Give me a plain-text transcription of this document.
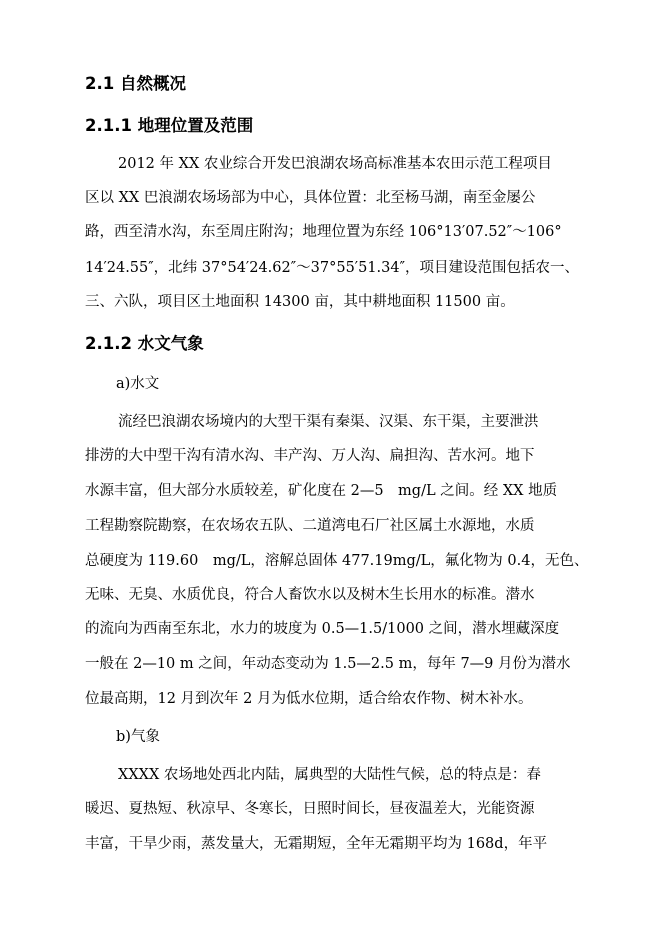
2.1 自然概况
2.1.1 地理位置及范围
2012 年 XX 农业综合开发巴浪湖农场高标准基本农田示范工程项目
区以 XX 巴浪湖农场场部为中心，具体位置：北至杨马湖，南至金屡公
路，西至清水沟，东至周庄附沟；地理位置为东经 106°13′07.52″～106°
14′24.55″，北纬 37°54′24.62″～37°55′51.34″，项目建设范围包括农一、
三、六队，项目区土地面积 14300 亩，其中耕地面积 11500 亩。
2.1.2 水文气象
a)水文
流经巴浪湖农场境内的大型干渠有秦渠、汉渠、东干渠，主要泄洪
排涝的大中型干沟有清水沟、丰产沟、万人沟、扁担沟、苦水河。地下
水源丰富，但大部分水质较差，矿化度在 2—5　mg/L 之间。经 XX 地质
工程勘察院勘察，在农场农五队、二道湾电石厂社区属土水源地，水质
总硬度为 119.60　mg/L，溶解总固体 477.19mg/L，氟化物为 0.4，无色、
无味、无臭、水质优良，符合人畜饮水以及树木生长用水的标准。潜水
的流向为西南至东北，水力的坡度为 0.5—1.5/1000 之间，潜水埋藏深度
一般在 2—10 m 之间，年动态变动为 1.5—2.5 m，每年 7—9 月份为潜水
位最高期，12 月到次年 2 月为低水位期，适合给农作物、树木补水。
b)气象
XXXX 农场地处西北内陆，属典型的大陆性气候，总的特点是：春
暖迟、夏热短、秋凉早、冬寒长，日照时间长，昼夜温差大，光能资源
丰富，干旱少雨，蒸发量大，无霜期短，全年无霜期平均为 168d，年平
